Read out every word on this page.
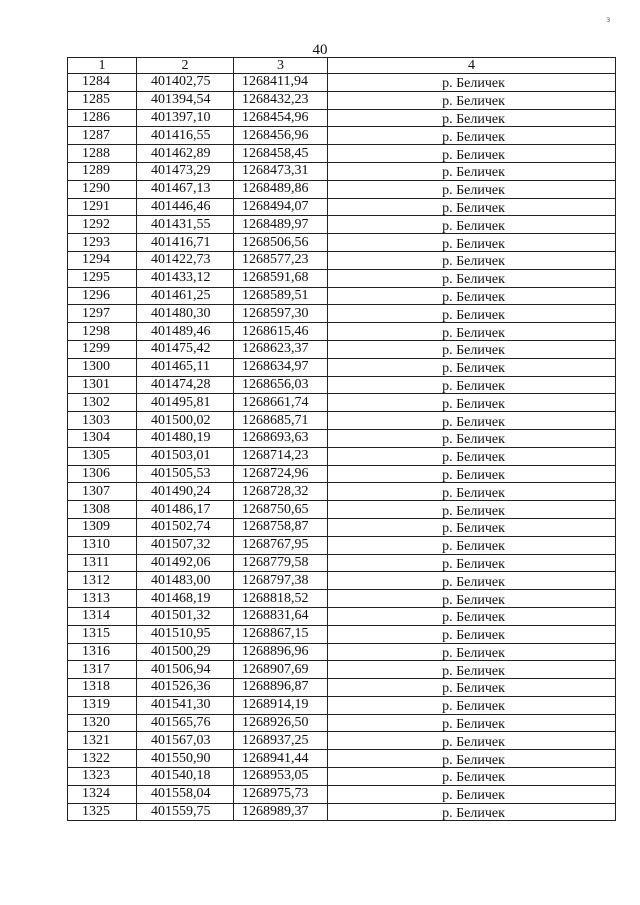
з
40
1	2	3	4
1284	401402,75	1268411,94	р. Беличек
1285	401394,54	1268432,23	р. Беличек
1286	401397,10	1268454,96	р. Беличек
1287	401416,55	1268456,96	р. Беличек
1288	401462,89	1268458,45	р. Беличек
1289	401473,29	1268473,31	р. Беличек
1290	401467,13	1268489,86	р. Беличек
1291	401446,46	1268494,07	р. Беличек
1292	401431,55	1268489,97	р. Беличек
1293	401416,71	1268506,56	р. Беличек
1294	401422,73	1268577,23	р. Беличек
1295	401433,12	1268591,68	р. Беличек
1296	401461,25	1268589,51	р. Беличек
1297	401480,30	1268597,30	р. Беличек
1298	401489,46	1268615,46	р. Беличек
1299	401475,42	1268623,37	р. Беличек
1300	401465,11	1268634,97	р. Беличек
1301	401474,28	1268656,03	р. Беличек
1302	401495,81	1268661,74	р. Беличек
1303	401500,02	1268685,71	р. Беличек
1304	401480,19	1268693,63	р. Беличек
1305	401503,01	1268714,23	р. Беличек
1306	401505,53	1268724,96	р. Беличек
1307	401490,24	1268728,32	р. Беличек
1308	401486,17	1268750,65	р. Беличек
1309	401502,74	1268758,87	р. Беличек
1310	401507,32	1268767,95	р. Беличек
1311	401492,06	1268779,58	р. Беличек
1312	401483,00	1268797,38	р. Беличек
1313	401468,19	1268818,52	р. Беличек
1314	401501,32	1268831,64	р. Беличек
1315	401510,95	1268867,15	р. Беличек
1316	401500,29	1268896,96	р. Беличек
1317	401506,94	1268907,69	р. Беличек
1318	401526,36	1268896,87	р. Беличек
1319	401541,30	1268914,19	р. Беличек
1320	401565,76	1268926,50	р. Беличек
1321	401567,03	1268937,25	р. Беличек
1322	401550,90	1268941,44	р. Беличек
1323	401540,18	1268953,05	р. Беличек
1324	401558,04	1268975,73	р. Беличек
1325	401559,75	1268989,37	р. Беличек
